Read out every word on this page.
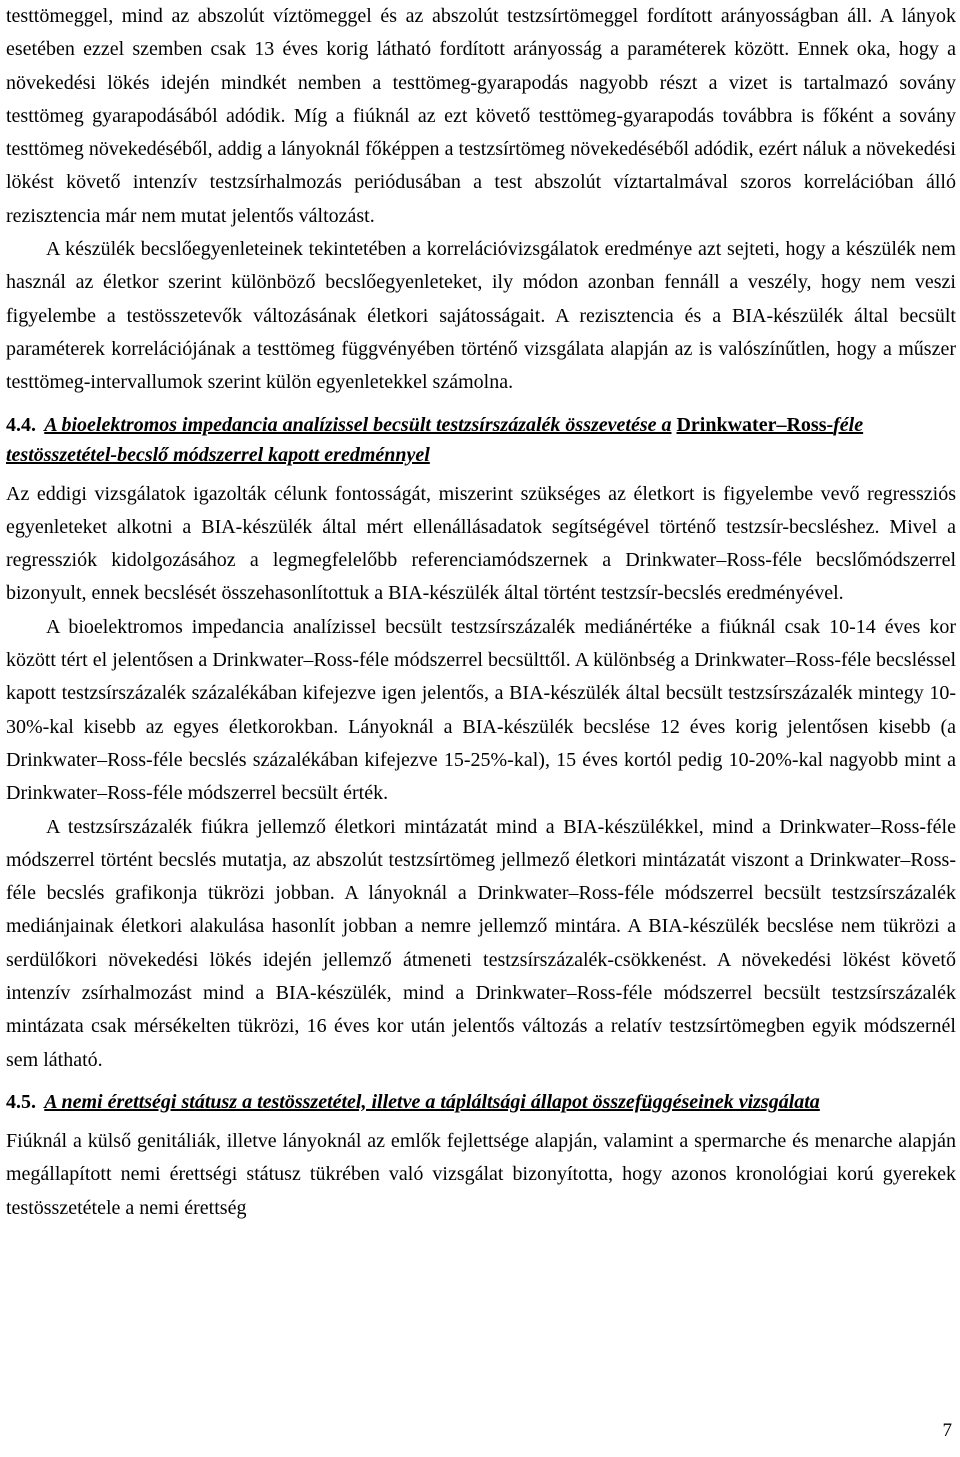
testtömeggel, mind az abszolút víztömeggel és az abszolút testzsírtömeggel fordított arányosságban áll. A lányok esetében ezzel szemben csak 13 éves korig látható fordított arányosság a paraméterek között. Ennek oka, hogy a növekedési lökés idején mindkét nemben a testtömeg-gyarapodás nagyobb részt a vizet is tartalmazó sovány testtömeg gyarapodásából adódik. Míg a fiúknál az ezt követő testtömeg-gyarapodás továbbra is főként a sovány testtömeg növekedéséből, addig a lányoknál főképpen a testzsírtömeg növekedéséből adódik, ezért náluk a növekedési lökést követő intenzív testzsírhalmozás periódusában a test abszolút víztartalmával szoros korrelációban álló rezisztencia már nem mutat jelentős változást.

A készülék becslőegyenleteinek tekintetében a korrelációvizsgálatok eredménye azt sejteti, hogy a készülék nem használ az életkor szerint különböző becslőegyenleteket, ily módon azonban fennáll a veszély, hogy nem veszi figyelembe a testösszetevők változásának életkori sajátosságait. A rezisztencia és a BIA-készülék által becsült paraméterek korrelációjának a testtömeg függvényében történő vizsgálata alapján az is valószínűtlen, hogy a műszer testtömeg-intervallumok szerint külön egyenletekkel számolna.

4.4. A bioelektromos impedancia analízissel becsült testzsírszázalék összevetése a Drinkwater–Ross-féle testösszetétel-becslő módszerrel kapott eredménnyel

Az eddigi vizsgálatok igazolták célunk fontosságát, miszerint szükséges az életkort is figyelembe vevő regressziós egyenleteket alkotni a BIA-készülék által mért ellenállásadatok segítségével történő testzsír-becsléshez. Mivel a regressziók kidolgozásához a legmegfelelőbb referenciamódszernek a Drinkwater–Ross-féle becslőmódszerrel bizonyult, ennek becslését összehasonlítottuk a BIA-készülék által történt testzsír-becslés eredményével.

A bioelektromos impedancia analízissel becsült testzsírszázalék mediánértéke a fiúknál csak 10-14 éves kor között tért el jelentősen a Drinkwater–Ross-féle módszerrel becsülttől. A különbség a Drinkwater–Ross-féle becsléssel kapott testzsírszázalék százalékában kifejezve igen jelentős, a BIA-készülék által becsült testzsírszázalék mintegy 10-30%-kal kisebb az egyes életkorokban. Lányoknál a BIA-készülék becslése 12 éves korig jelentősen kisebb (a Drinkwater–Ross-féle becslés százalékában kifejezve 15-25%-kal), 15 éves kortól pedig 10-20%-kal nagyobb mint a Drinkwater–Ross-féle módszerrel becsült érték.

A testzsírszázalék fiúkra jellemző életkori mintázatát mind a BIA-készülékkel, mind a Drinkwater–Ross-féle módszerrel történt becslés mutatja, az abszolút testzsírtömeg jellmező életkori mintázatát viszont a Drinkwater–Ross-féle becslés grafikonja tükrözi jobban. A lányoknál a Drinkwater–Ross-féle módszerrel becsült testzsírszázalék mediánjainak életkori alakulása hasonlít jobban a nemre jellemző mintára. A BIA-készülék becslése nem tükrözi a serdülőkori növekedési lökés idején jellemző átmeneti testzsírszázalék-csökkenést. A növekedési lökést követő intenzív zsírhalmozást mind a BIA-készülék, mind a Drinkwater–Ross-féle módszerrel becsült testzsírszázalék mintázata csak mérsékelten tükrözi, 16 éves kor után jelentős változás a relatív testzsírtömegben egyik módszernél sem látható.

4.5. A nemi érettségi státusz a testösszetétel, illetve a tápláltsági állapot összefüggéseinek vizsgálata

Fiúknál a külső genitáliák, illetve lányoknál az emlők fejlettsége alapján, valamint a spermarche és menarche alapján megállapított nemi érettségi státusz tükrében való vizsgálat bizonyította, hogy azonos kronológiai korú gyerekek testösszetétele a nemi érettség

7
